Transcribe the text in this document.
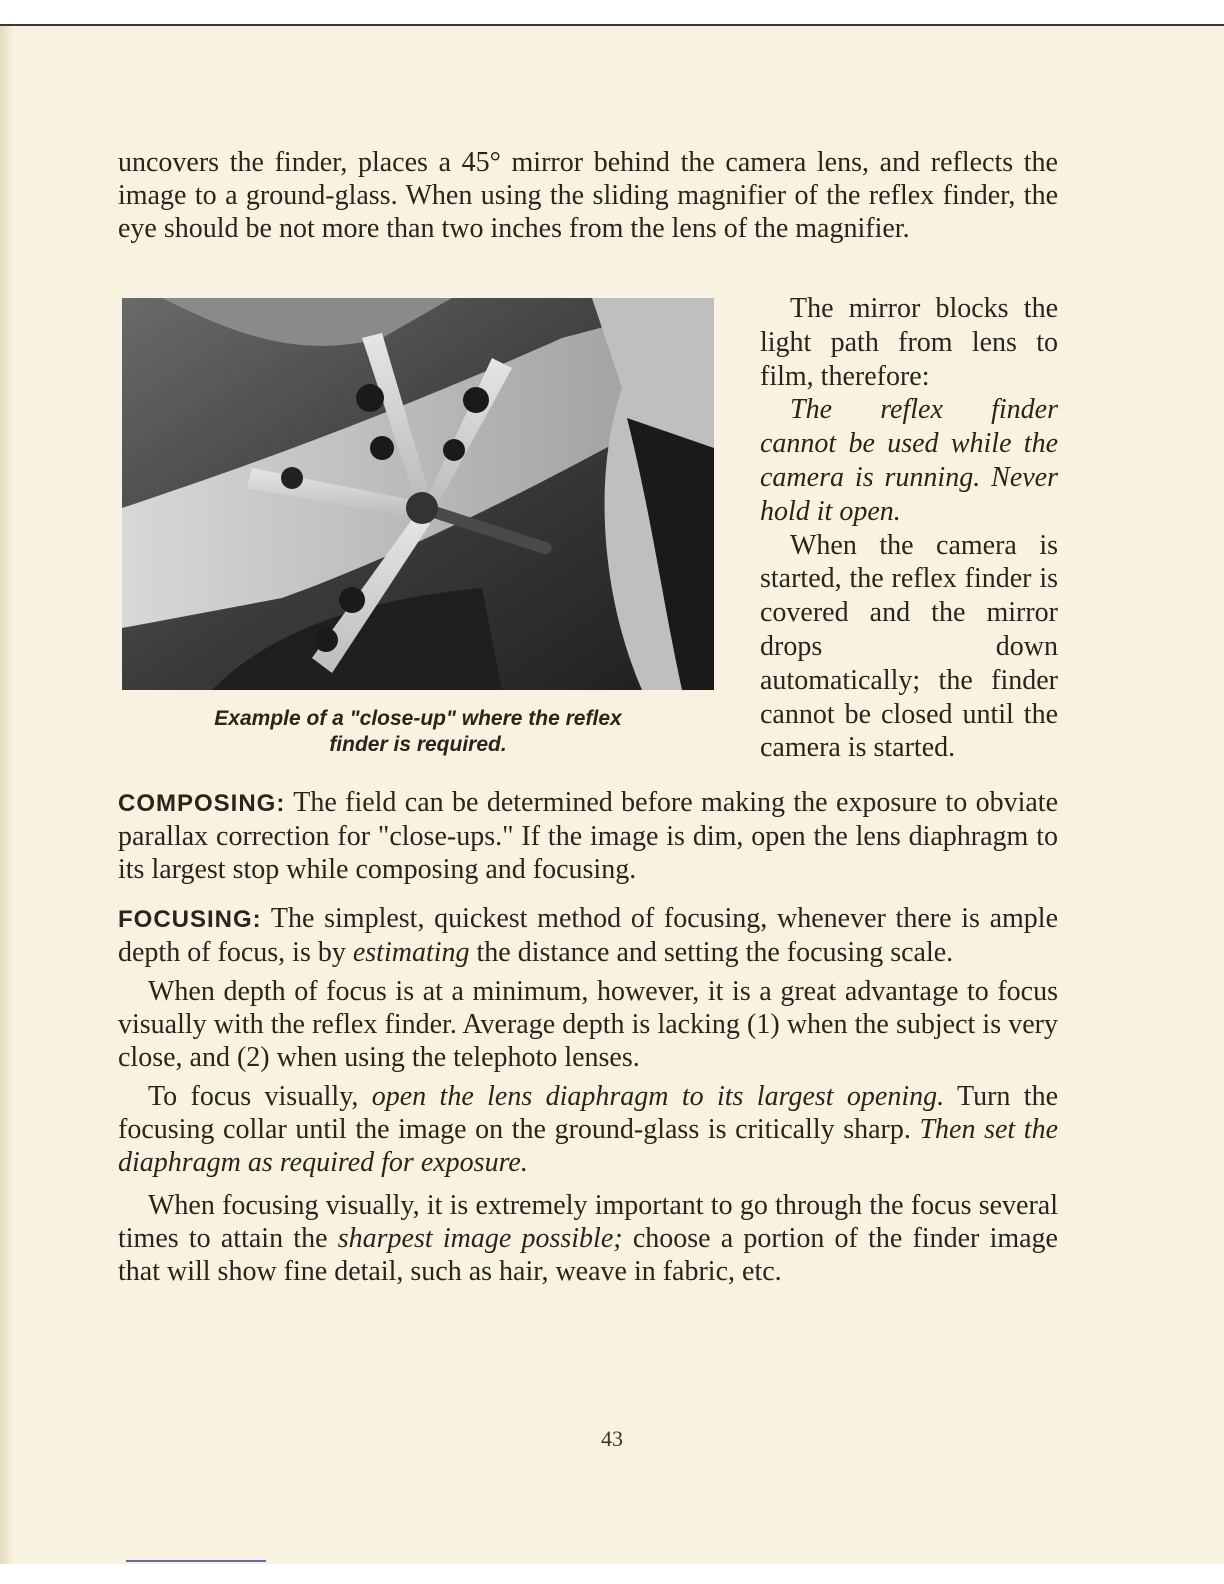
uncovers the finder, places a 45° mirror behind the camera lens, and reflects the image to a ground-glass. When using the sliding magnifier of the reflex finder, the eye should be not more than two inches from the lens of the magnifier.

Example of a "close-up" where the reflex
finder is required.

The mirror blocks the light path from lens to film, therefore:

The reflex finder cannot be used while the camera is running. Never hold it open.

When the camera is started, the reflex finder is covered and the mirror drops down automatically; the finder cannot be closed until the camera is started.

COMPOSING: The field can be determined before making the exposure to obviate parallax correction for "close-ups." If the image is dim, open the lens diaphragm to its largest stop while composing and focusing.

FOCUSING: The simplest, quickest method of focusing, whenever there is ample depth of focus, is by estimating the distance and setting the focusing scale.

When depth of focus is at a minimum, however, it is a great advantage to focus visually with the reflex finder. Average depth is lacking (1) when the subject is very close, and (2) when using the telephoto lenses.

To focus visually, open the lens diaphragm to its largest opening. Turn the focusing collar until the image on the ground-glass is critically sharp. Then set the diaphragm as required for exposure.

When focusing visually, it is extremely important to go through the focus several times to attain the sharpest image possible; choose a portion of the finder image that will show fine detail, such as hair, weave in fabric, etc.

43
